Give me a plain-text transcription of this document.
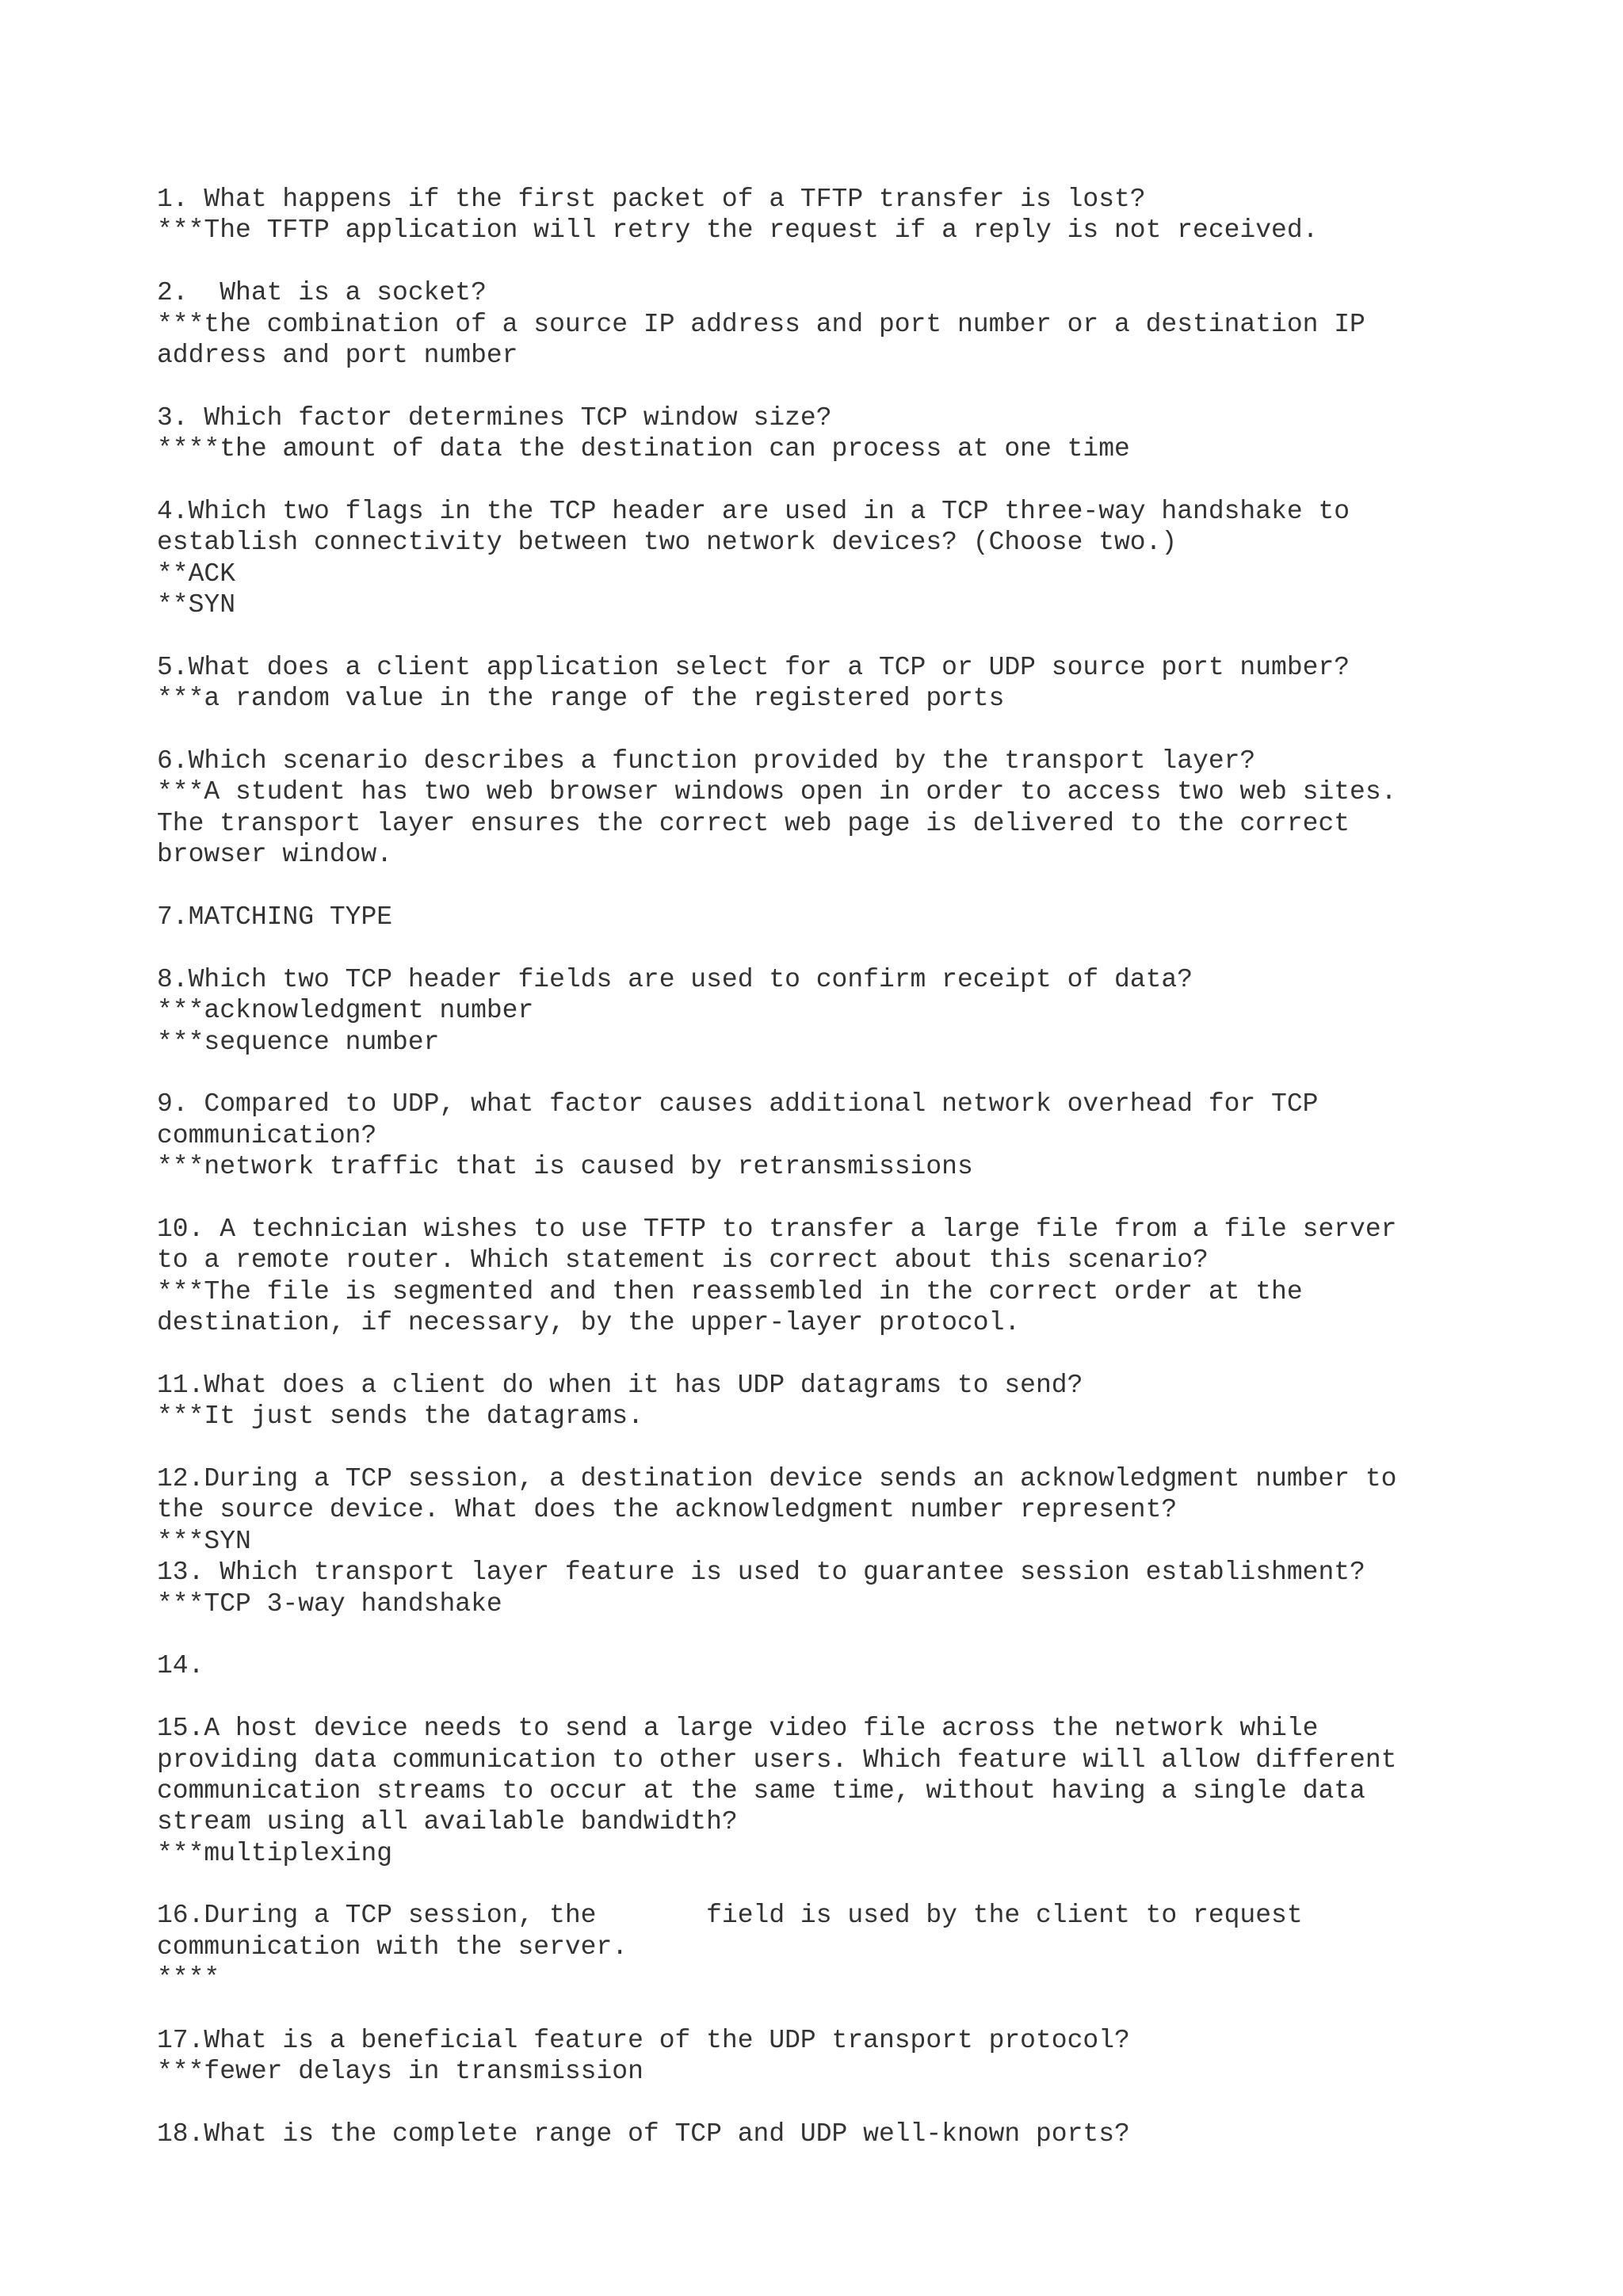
1. What happens if the first packet of a TFTP transfer is lost?
***The TFTP application will retry the request if a reply is not received.
2.  What is a socket?
***the combination of a source IP address and port number or a destination IP
address and port number
3. Which factor determines TCP window size?
****the amount of data the destination can process at one time
4.Which two flags in the TCP header are used in a TCP three-way handshake to
establish connectivity between two network devices? (Choose two.)
**ACK
**SYN
5.What does a client application select for a TCP or UDP source port number?
***a random value in the range of the registered ports
6.Which scenario describes a function provided by the transport layer?
***A student has two web browser windows open in order to access two web sites.
The transport layer ensures the correct web page is delivered to the correct
browser window.
7.MATCHING TYPE
8.Which two TCP header fields are used to confirm receipt of data?
***acknowledgment number
***sequence number
9. Compared to UDP, what factor causes additional network overhead for TCP
communication?
***network traffic that is caused by retransmissions
10. A technician wishes to use TFTP to transfer a large file from a file server
to a remote router. Which statement is correct about this scenario?
***The file is segmented and then reassembled in the correct order at the
destination, if necessary, by the upper-layer protocol.
11.What does a client do when it has UDP datagrams to send?
***It just sends the datagrams.
12.During a TCP session, a destination device sends an acknowledgment number to
the source device. What does the acknowledgment number represent?
***SYN
13. Which transport layer feature is used to guarantee session establishment?
***TCP 3-way handshake
14.
15.A host device needs to send a large video file across the network while
providing data communication to other users. Which feature will allow different
communication streams to occur at the same time, without having a single data
stream using all available bandwidth?
***multiplexing
16.During a TCP session, the       field is used by the client to request
communication with the server.
****
17.What is a beneficial feature of the UDP transport protocol?
***fewer delays in transmission
18.What is the complete range of TCP and UDP well-known ports?
